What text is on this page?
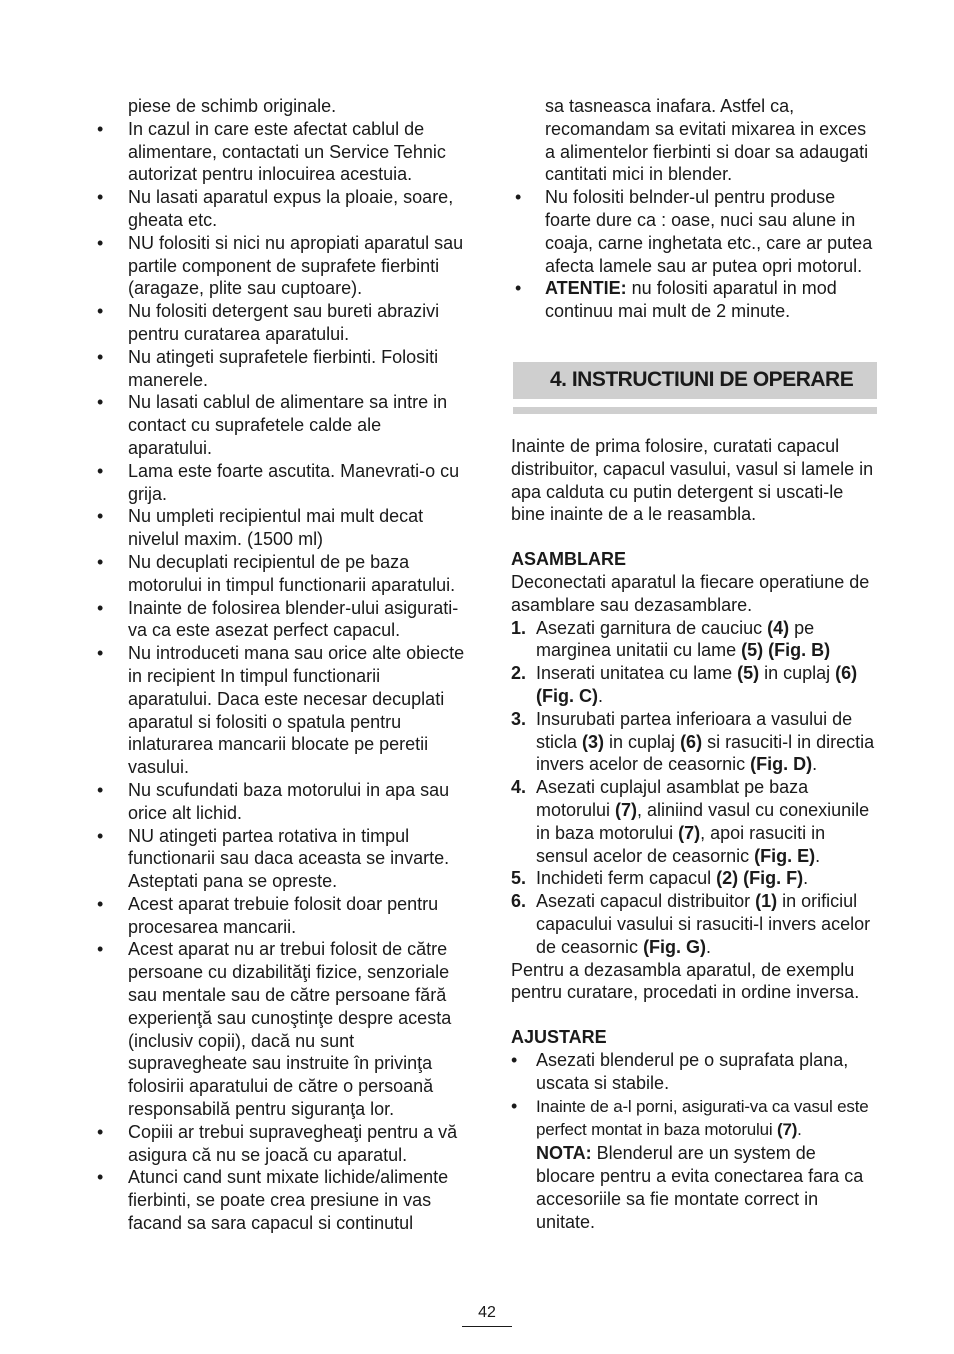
piese de schimb originale.
• In cazul in care este afectat cablul de alimentare, contactati un Service Tehnic autorizat pentru inlocuirea acestuia.
• Nu lasati aparatul expus la ploaie, soare, gheata etc.
• NU folositi si nici nu apropiati aparatul sau partile component de suprafete fierbinti (aragaze, plite sau cuptoare).
• Nu folositi detergent sau bureti abrazivi pentru curatarea aparatului.
• Nu atingeti suprafetele fierbinti. Folositi manerele.
• Nu lasati cablul de alimentare sa intre in contact cu suprafetele calde ale aparatului.
• Lama este foarte ascutita. Manevrati-o cu grija.
• Nu umpleti recipientul mai mult decat nivelul maxim. (1500 ml)
• Nu decuplati recipientul de pe baza motorului in timpul functionarii aparatului.
• Inainte de folosirea blender-ului asigurati-va ca este asezat perfect capacul.
• Nu introduceti mana sau orice alte obiecte in recipient In timpul functionarii aparatului. Daca este necesar decuplati aparatul si folositi o spatula pentru inlaturarea mancarii blocate pe peretii vasului.
• Nu scufundati baza motorului in apa sau orice alt lichid.
• NU atingeti partea rotativa in timpul functionarii sau daca aceasta se invarte. Asteptati pana se opreste.
• Acest aparat trebuie folosit doar pentru procesarea mancarii.
• Acest aparat nu ar trebui folosit de către persoane cu dizabilităţi fizice, senzoriale sau mentale sau de către persoane fără experienţă sau cunoştinţe despre acesta (inclusiv copii), dacă nu sunt supravegheate sau instruite în privinţa folosirii aparatului de către o persoană responsabilă pentru siguranţa lor.
• Copiii ar trebui supravegheaţi pentru a vă asigura că nu se joacă cu aparatul.
• Atunci cand sunt mixate lichide/alimente fierbinti, se poate crea presiune in vas facand sa sara capacul si continutul
sa tasneasca inafara. Astfel ca, recomandam sa evitati mixarea in exces a alimentelor fierbinti si doar sa adaugati cantitati mici in blender.
• Nu folositi belnder-ul pentru produse foarte dure ca : oase, nuci sau alune in coaja, carne inghetata etc., care ar putea afecta lamele sau ar putea opri motorul.
• ATENTIE: nu folositi aparatul in mod continuu mai mult de 2 minute.
4. INSTRUCTIUNI DE OPERARE
Inainte de prima folosire, curatati capacul distribuitor, capacul vasului, vasul si lamele in apa calduta cu putin detergent si uscati-le bine inainte de a le reasambla.
ASAMBLARE
Deconectati aparatul la fiecare operatiune de asamblare sau dezasamblare.
1. Asezati garnitura de cauciuc (4) pe marginea unitatii cu lame (5) (Fig. B)
2. Inserati unitatea cu lame (5) in cuplaj (6) (Fig. C).
3. Insurubati partea inferioara a vasului de sticla (3) in cuplaj (6) si rasuciti-l in directia invers acelor de ceasornic (Fig. D).
4. Asezati cuplajul asamblat pe baza motorului (7), aliniind vasul cu conexiunile in baza motorului (7), apoi rasuciti in sensul acelor de ceasornic (Fig. E).
5. Inchideti ferm capacul (2) (Fig. F).
6. Asezati capacul distribuitor (1) in orificiul capacului vasului si rasuciti-l invers acelor de ceasornic (Fig. G).
Pentru a dezasambla aparatul, de exemplu pentru curatare, procedati in ordine inversa.
AJUSTARE
• Asezati blenderul pe o suprafata plana, uscata si stabile.
• Inainte de a-l porni, asigurati-va ca vasul este perfect montat in baza motorului (7).
NOTA: Blenderul are un system de blocare pentru a evita conectarea fara ca accesoriile sa fie montate correct in unitate.
42
